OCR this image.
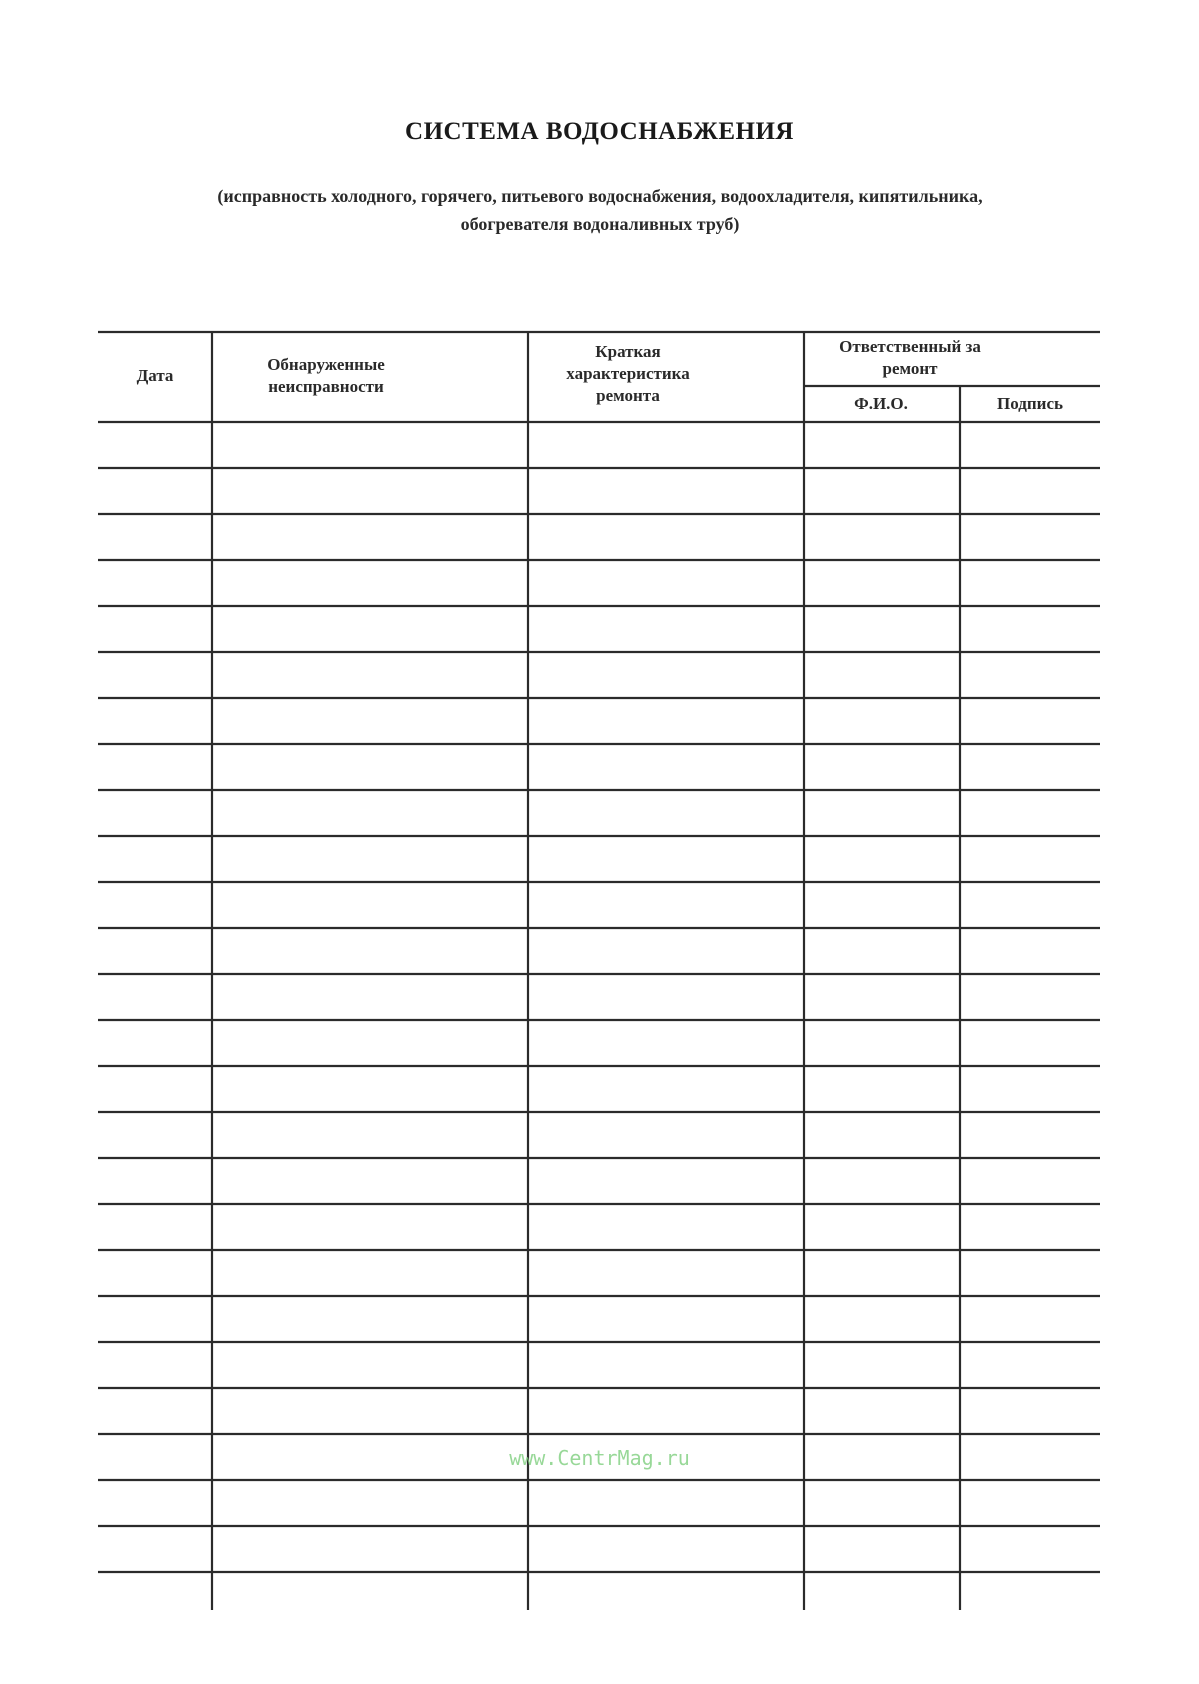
СИСТЕМА ВОДОСНАБЖЕНИЯ
(исправность холодного, горячего, питьевого водоснабжения, водоохладителя, кипятильника,
обогревателя водоналивных труб)
Дата
Обнаруженные неисправности
Краткая характеристика ремонта
Ответственный за ремонт
Ф.И.О.	Подпись
www.CentrMag.ru
